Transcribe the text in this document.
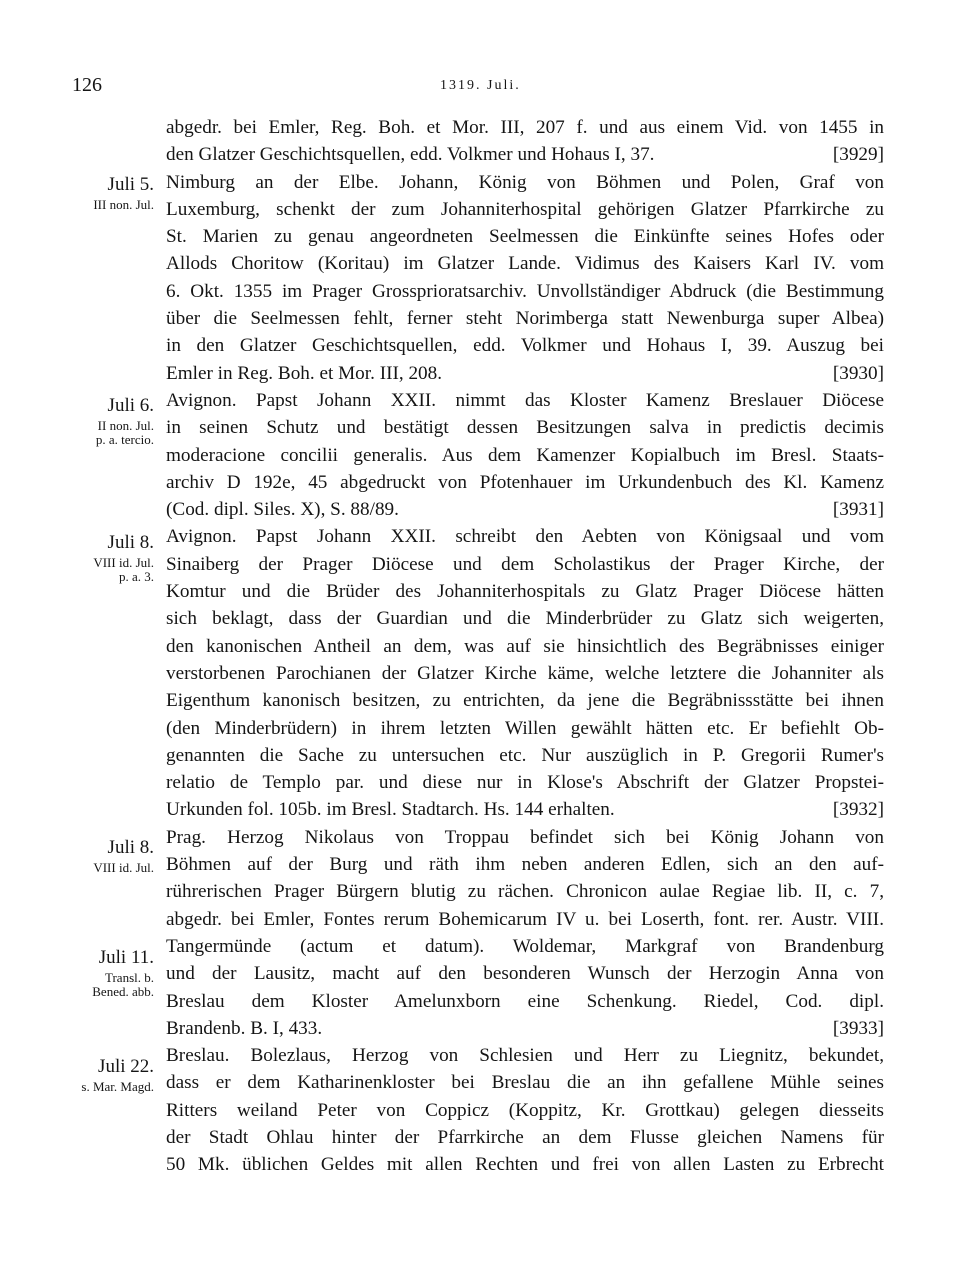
126	1319. Juli.
Juli 5.
III non. Jul.
Juli 6.
II non. Jul.
p. a. tercio.
Juli 8.
VIII id. Jul.
p. a. 3.
Juli 8.
VIII id. Jul.
Juli 11.
Transl. b.
Bened. abb.
Juli 22.
s. Mar. Magd.
abgedr. bei Emler, Reg. Boh. et Mor. III, 207 f. und aus einem Vid. von 1455 in
den Glatzer Geschichtsquellen, edd. Volkmer und Hohaus I, 37.	[3929]
Nimburg an der Elbe. Johann, König von Böhmen und Polen, Graf von
Luxemburg, schenkt der zum Johanniterhospital gehörigen Glatzer Pfarrkirche zu
St. Marien zu genau angeordneten Seelmessen die Einkünfte seines Hofes oder
Allods Choritow (Koritau) im Glatzer Lande. Vidimus des Kaisers Karl IV. vom
6. Okt. 1355 im Prager Grossprioratsarchiv. Unvollständiger Abdruck (die Bestimmung
über die Seelmessen fehlt, ferner steht Norimberga statt Newenburga super Albea)
in den Glatzer Geschichtsquellen, edd. Volkmer und Hohaus I, 39. Auszug bei
Emler in Reg. Boh. et Mor. III, 208.	[3930]
Avignon. Papst Johann XXII. nimmt das Kloster Kamenz Breslauer Diöcese
in seinen Schutz und bestätigt dessen Besitzungen salva in predictis decimis
moderacione concilii generalis. Aus dem Kamenzer Kopialbuch im Bresl. Staats-
archiv D 192e, 45 abgedruckt von Pfotenhauer im Urkundenbuch des Kl. Kamenz
(Cod. dipl. Siles. X), S. 88/89.	[3931]
Avignon. Papst Johann XXII. schreibt den Aebten von Königsaal und vom
Sinaiberg der Prager Diöcese und dem Scholastikus der Prager Kirche, der
Komtur und die Brüder des Johanniterhospitals zu Glatz Prager Diöcese hätten
sich beklagt, dass der Guardian und die Minderbrüder zu Glatz sich weigerten,
den kanonischen Antheil an dem, was auf sie hinsichtlich des Begräbnisses einiger
verstorbenen Parochianen der Glatzer Kirche käme, welche letztere die Johanniter als
Eigenthum kanonisch besitzen, zu entrichten, da jene die Begräbnissstätte bei ihnen
(den Minderbrüdern) in ihrem letzten Willen gewählt hätten etc. Er befiehlt Ob-
genannten die Sache zu untersuchen etc. Nur auszüglich in P. Gregorii Rumer's
relatio de Templo par. und diese nur in Klose's Abschrift der Glatzer Propstei-
Urkunden fol. 105b. im Bresl. Stadtarch. Hs. 144 erhalten.	[3932]
Prag. Herzog Nikolaus von Troppau befindet sich bei König Johann von
Böhmen auf der Burg und räth ihm neben anderen Edlen, sich an den auf-
rührerischen Prager Bürgern blutig zu rächen. Chronicon aulae Regiae lib. II, c. 7,
abgedr. bei Emler, Fontes rerum Bohemicarum IV u. bei Loserth, font. rer. Austr. VIII.
Tangermünde (actum et datum). Woldemar, Markgraf von Brandenburg
und der Lausitz, macht auf den besonderen Wunsch der Herzogin Anna von
Breslau dem Kloster Amelunxborn eine Schenkung. Riedel, Cod. dipl.
Brandenb. B. I, 433.	[3933]
Breslau. Bolezlaus, Herzog von Schlesien und Herr zu Liegnitz, bekundet,
dass er dem Katharinenkloster bei Breslau die an ihn gefallene Mühle seines
Ritters weiland Peter von Coppicz (Koppitz, Kr. Grottkau) gelegen diesseits
der Stadt Ohlau hinter der Pfarrkirche an dem Flusse gleichen Namens für
50 Mk. üblichen Geldes mit allen Rechten und frei von allen Lasten zu Erbrecht
